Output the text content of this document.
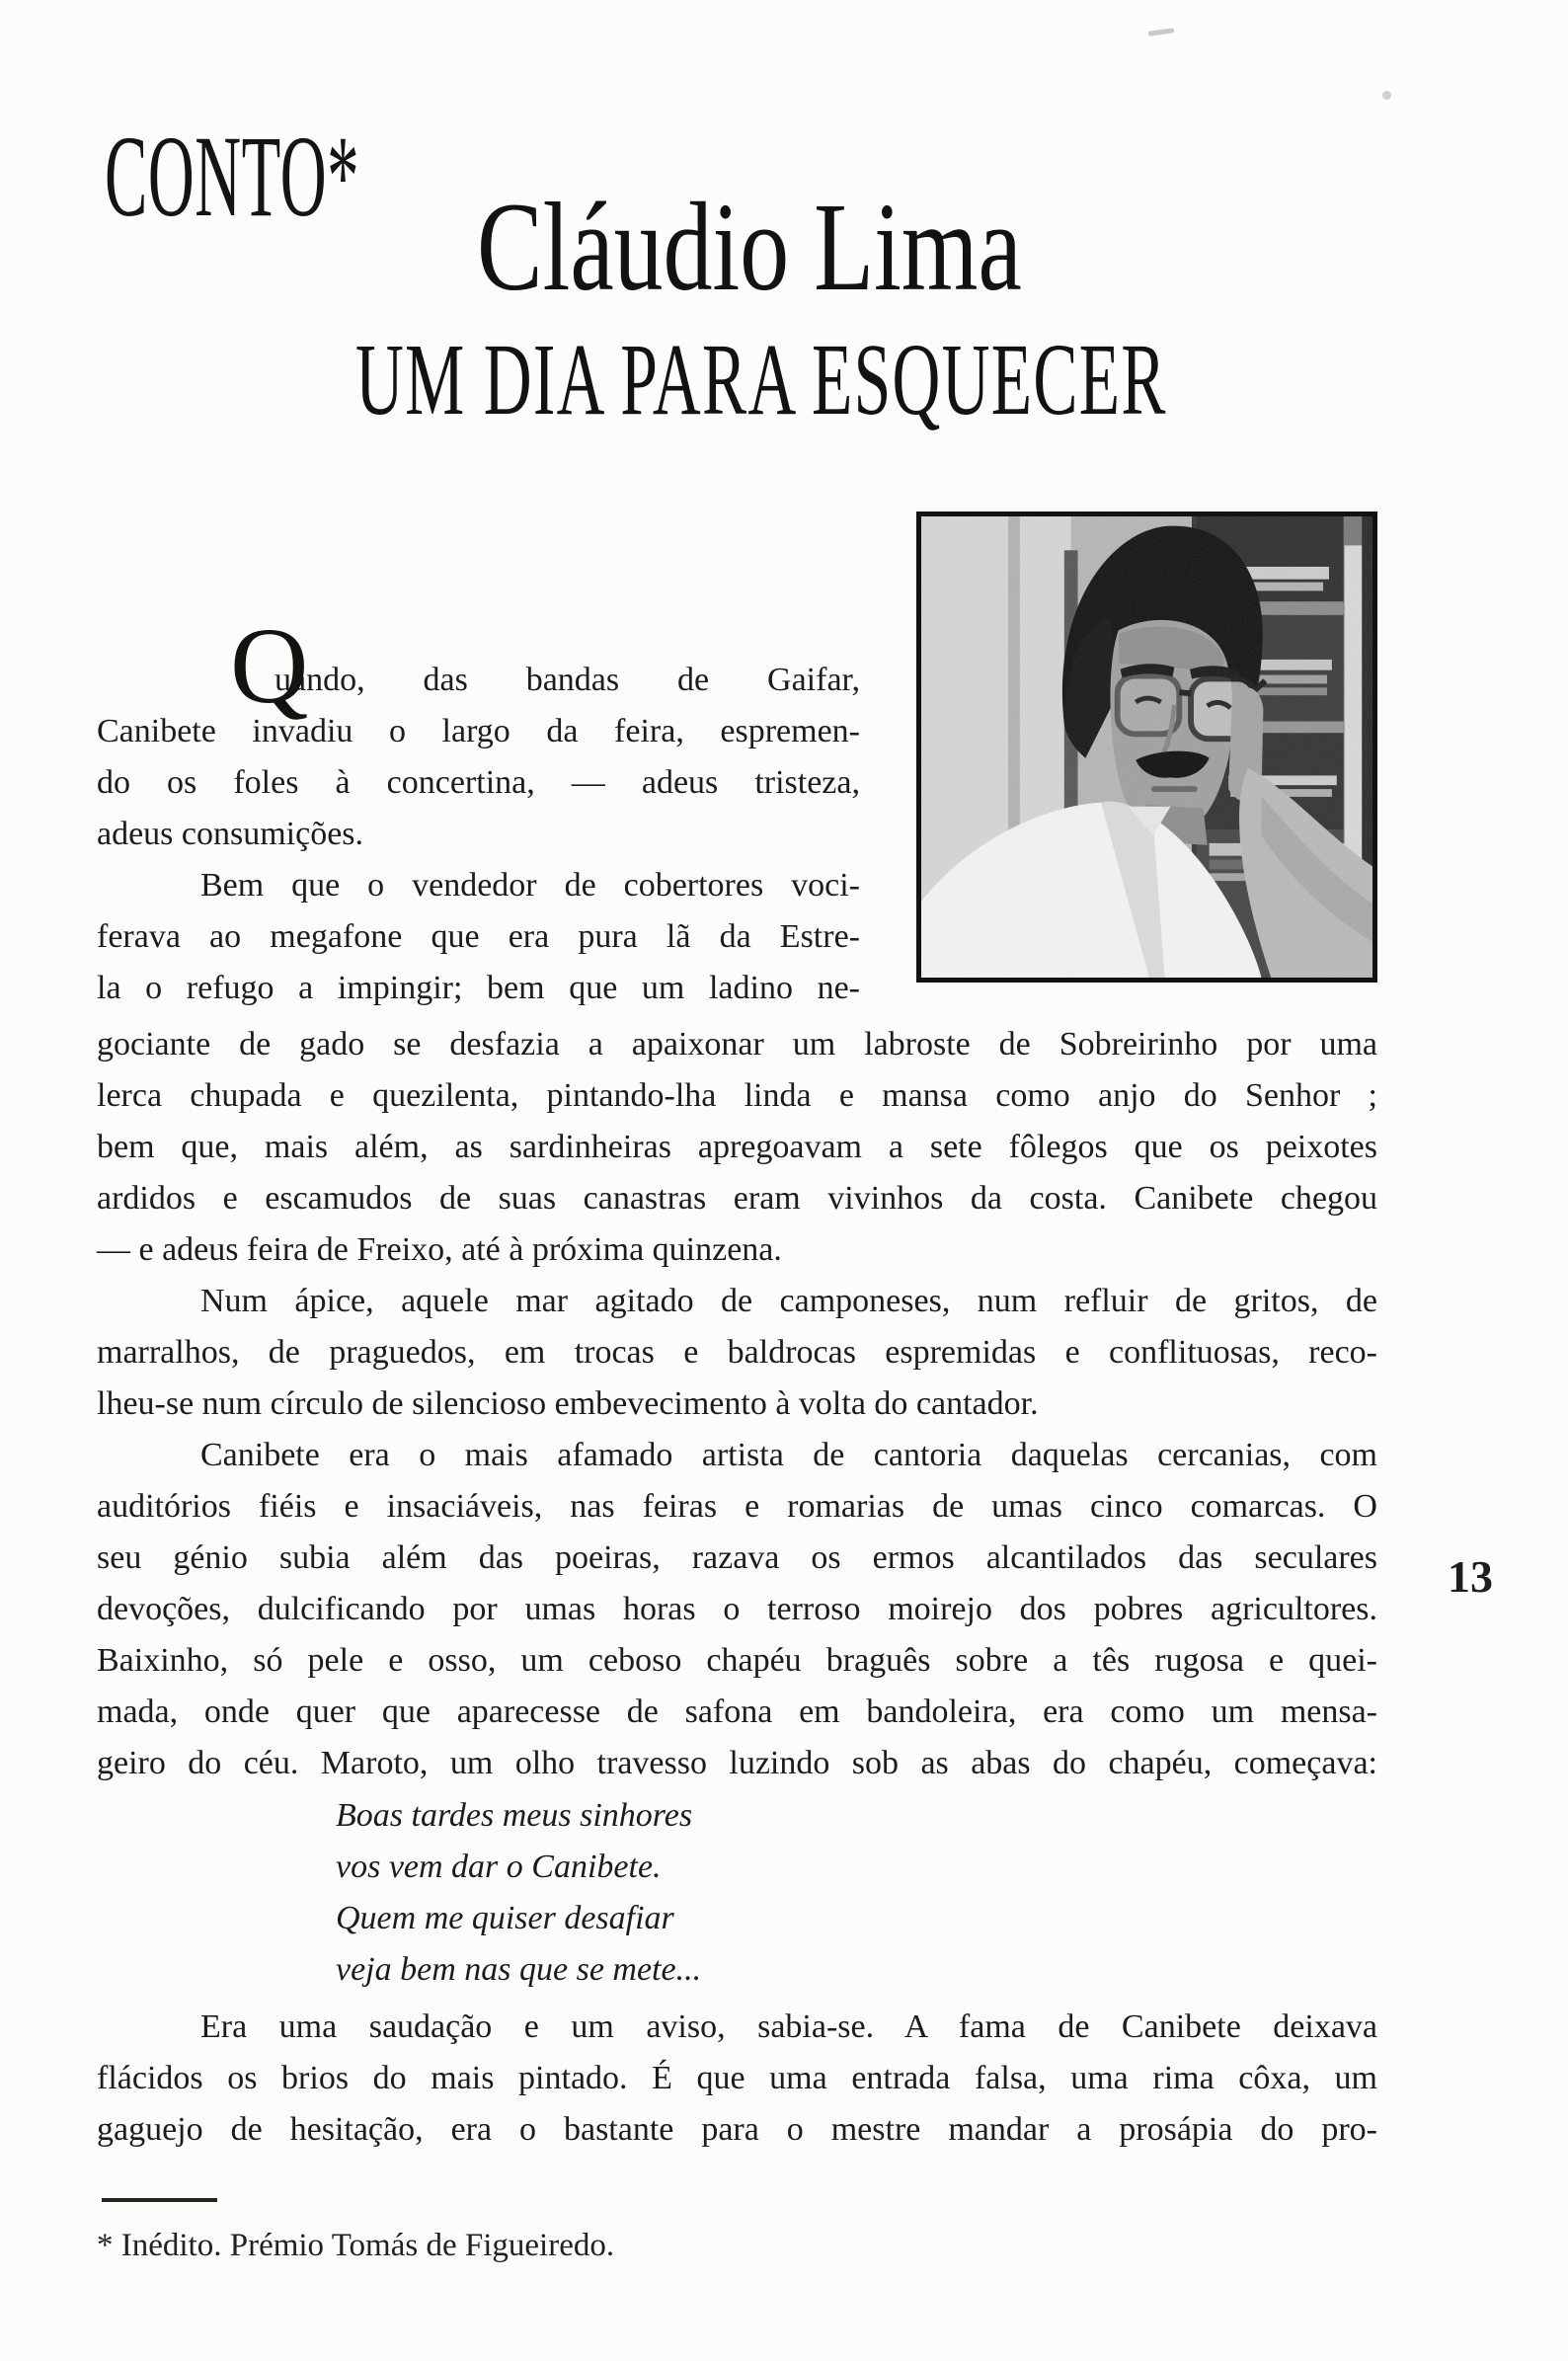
CONTO*
Cláudio Lima
UM DIA PARA ESQUECER
Q
uando, das bandas de Gaifar,
Canibete invadiu o largo da feira, espremen-
do os foles à concertina, — adeus tristeza,
adeus consumições.
Bem que o vendedor de cobertores voci-
ferava ao megafone que era pura lã da Estre-
la o refugo a impingir; bem que um ladino ne-
gociante de gado se desfazia a apaixonar um labroste de Sobreirinho por uma
lerca chupada e quezilenta, pintando-lha linda e mansa como anjo do Senhor ;
bem que, mais além, as sardinheiras apregoavam a sete fôlegos que os peixotes
ardidos e escamudos de suas canastras eram vivinhos da costa. Canibete chegou
— e adeus feira de Freixo, até à próxima quinzena.
Num ápice, aquele mar agitado de camponeses, num refluir de gritos, de
marralhos, de praguedos, em trocas e baldrocas espremidas e conflituosas, reco-
lheu-se num círculo de silencioso embevecimento à volta do cantador.
Canibete era o mais afamado artista de cantoria daquelas cercanias, com
auditórios fiéis e insaciáveis, nas feiras e romarias de umas cinco comarcas. O
seu génio subia além das poeiras, razava os ermos alcantilados das seculares
devoções, dulcificando por umas horas o terroso moirejo dos pobres agricultores.
Baixinho, só pele e osso, um ceboso chapéu braguês sobre a tês rugosa e quei-
mada, onde quer que aparecesse de safona em bandoleira, era como um mensa-
geiro do céu. Maroto, um olho travesso luzindo sob as abas do chapéu, começava:
Boas tardes meus sinhores
vos vem dar o Canibete.
Quem me quiser desafiar
veja bem nas que se mete...
Era uma saudação e um aviso, sabia-se. A fama de Canibete deixava
flácidos os brios do mais pintado. É que uma entrada falsa, uma rima côxa, um
gaguejo de hesitação, era o bastante para o mestre mandar a prosápia do pro-
13
* Inédito. Prémio Tomás de Figueiredo.
